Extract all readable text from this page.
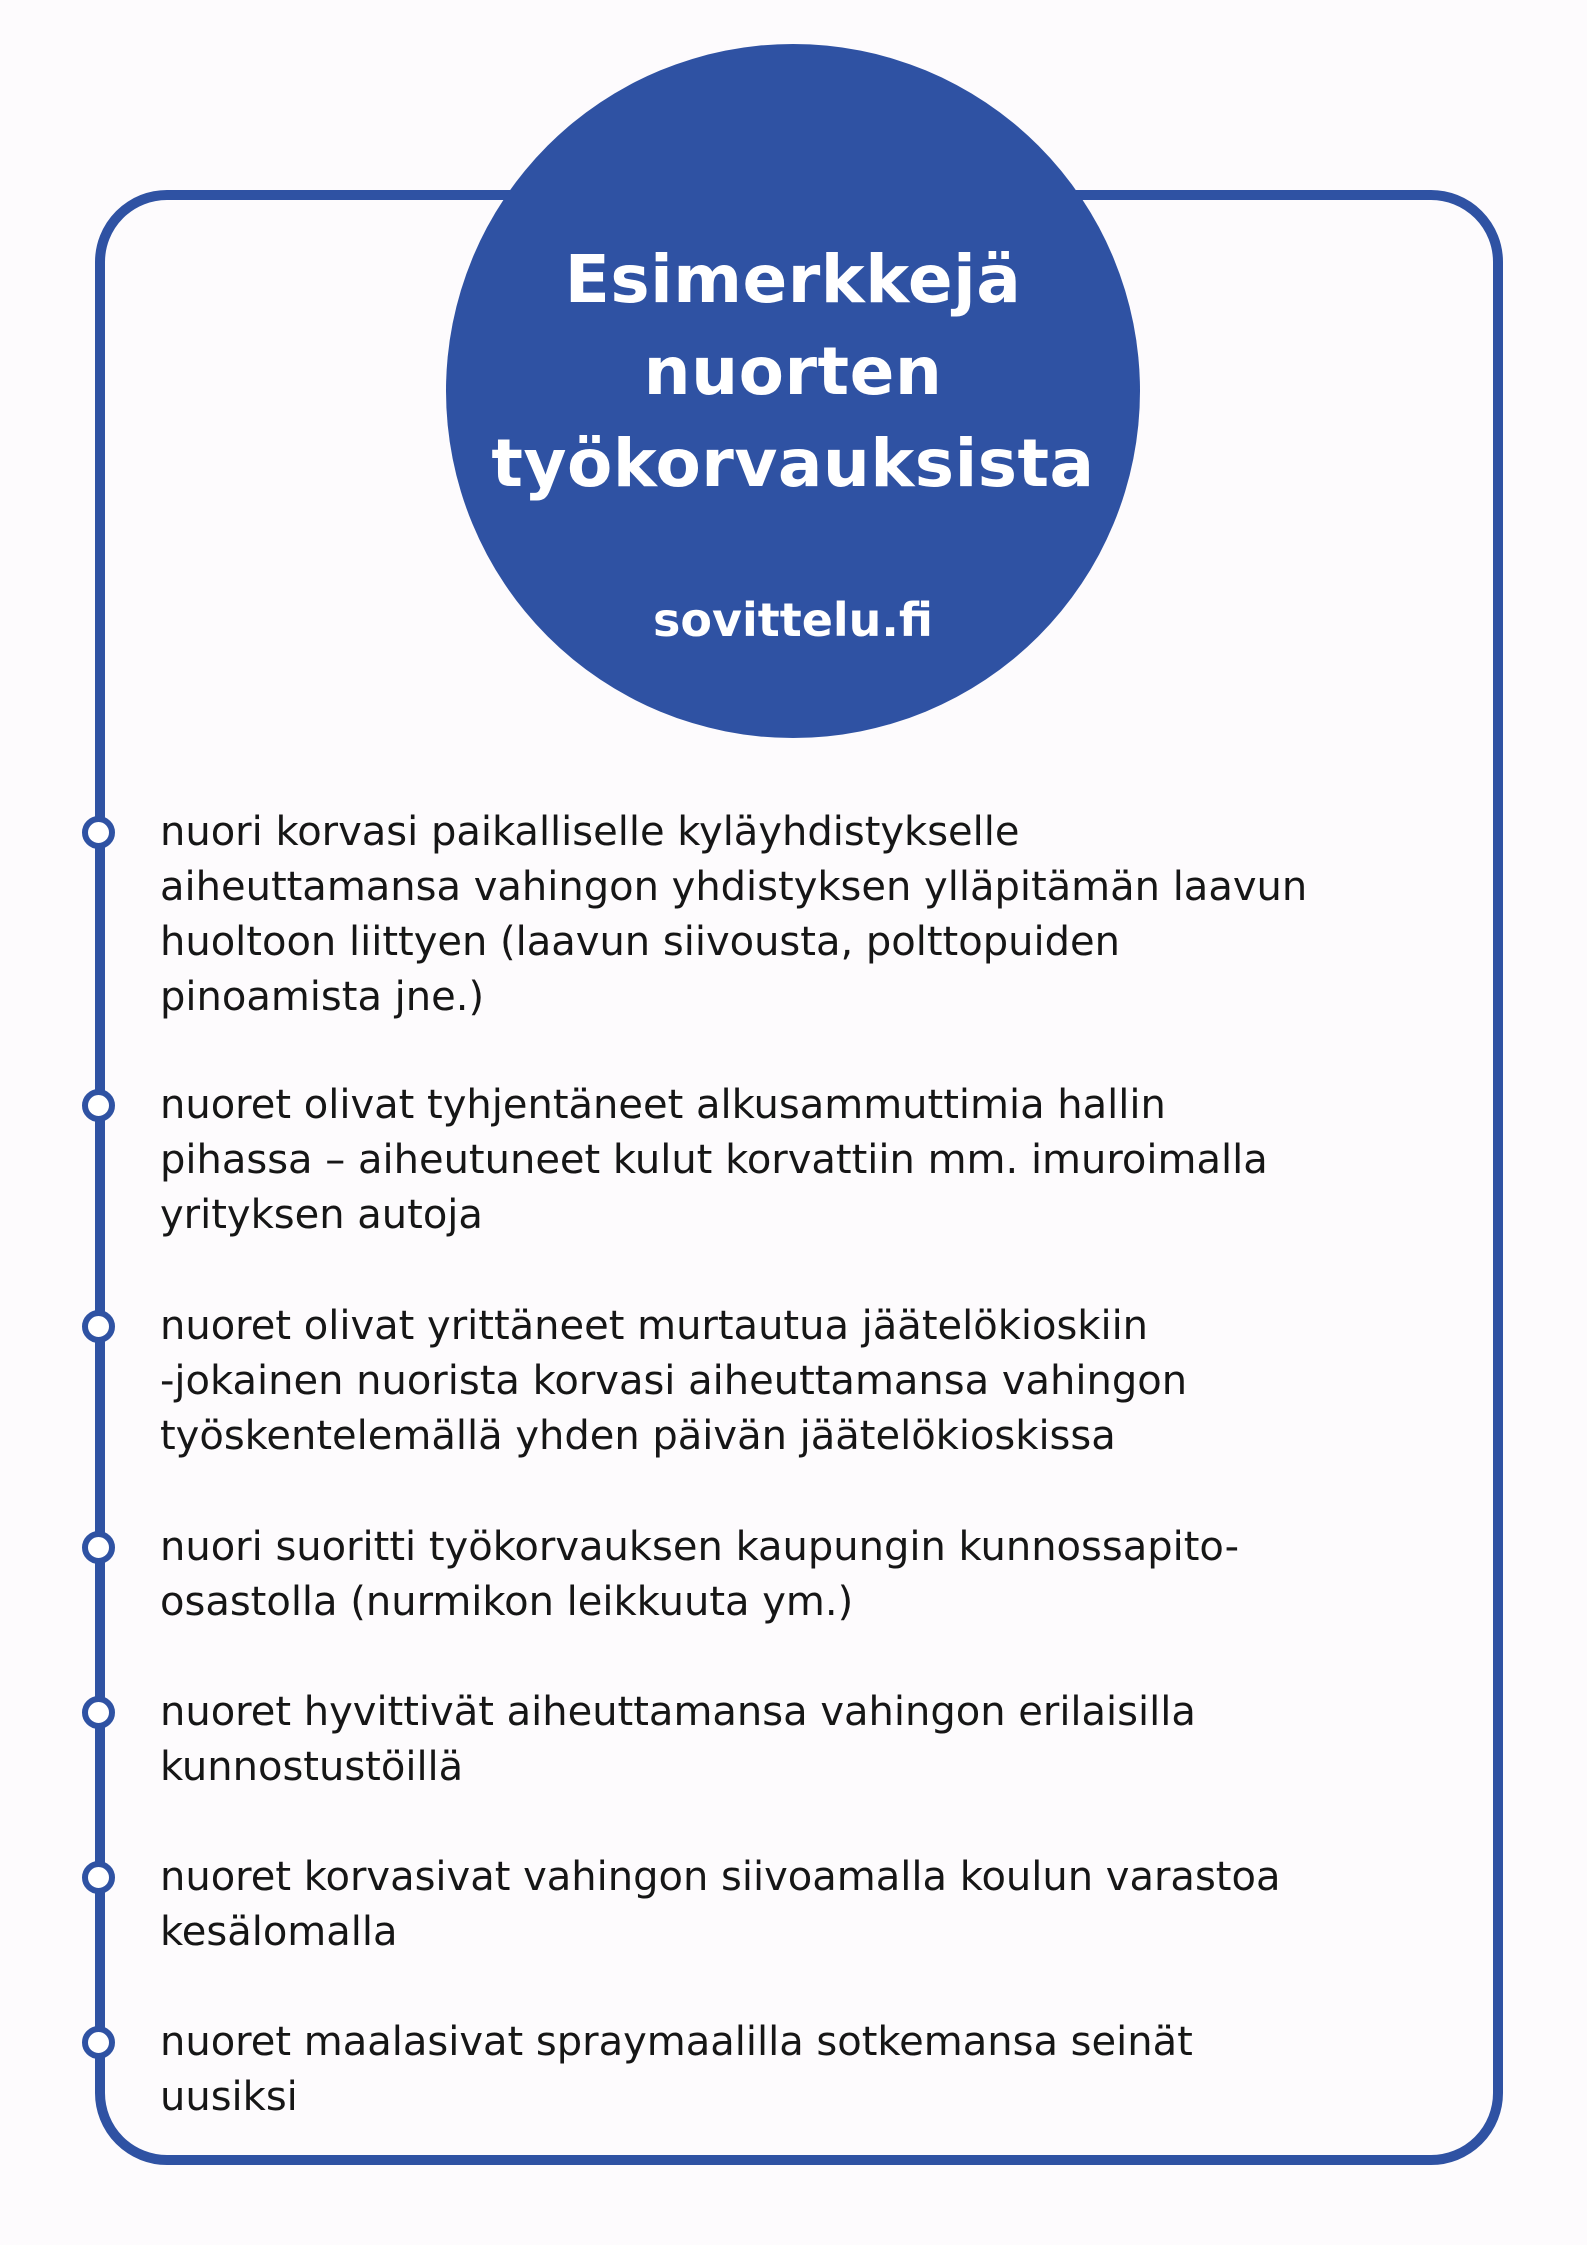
Esimerkkejä
nuorten
työkorvauksista
sovittelu.fi
nuori korvasi paikalliselle kyläyhdistykselle
aiheuttamansa vahingon yhdistyksen ylläpitämän laavun
huoltoon liittyen (laavun siivousta, polttopuiden
pinoamista jne.)
nuoret olivat tyhjentäneet alkusammuttimia hallin
pihassa – aiheutuneet kulut korvattiin mm. imuroimalla
yrityksen autoja
nuoret olivat yrittäneet murtautua jäätelökioskiin
-jokainen nuorista korvasi aiheuttamansa vahingon
työskentelemällä yhden päivän jäätelökioskissa
nuori suoritti työkorvauksen kaupungin kunnossapito-
osastolla (nurmikon leikkuuta ym.)
nuoret hyvittivät aiheuttamansa vahingon erilaisilla
kunnostustöillä
nuoret korvasivat vahingon siivoamalla koulun varastoa
kesälomalla
nuoret maalasivat spraymaalilla sotkemansa seinät
uusiksi
